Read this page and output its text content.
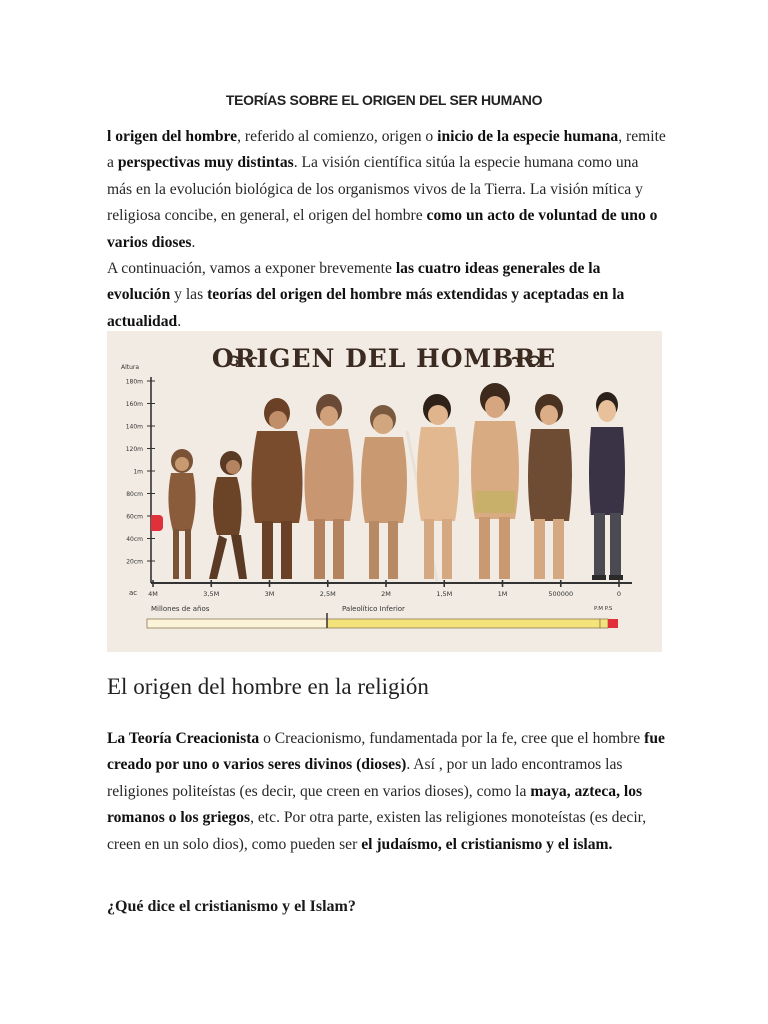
TEORÍAS SOBRE EL ORIGEN DEL SER HUMANO

l origen del hombre, referido al comienzo, origen o inicio de la especie humana, remite a perspectivas muy distintas. La visión científica sitúa la especie humana como una más en la evolución biológica de los organismos vivos de la Tierra. La visión mítica y religiosa concibe, en general, el origen del hombre como un acto de voluntad de uno o varios dioses.
A continuación, vamos a exponer brevemente las cuatro ideas generales de la evolución y las teorías del origen del hombre más extendidas y aceptadas en la actualidad.

ORIGEN DEL HOMBRE
Altura
180m
160m
140m
120m
1m
80cm
60cm
40cm
20cm
ac 4M	3,5M	3M	2,5M	2M	1,5M	1M	500000	0
Millones de años	Paleolítico Inferior	P.M P.S
El origen del hombre en la religión

La Teoría Creacionista o Creacionismo, fundamentada por la fe, cree que el hombre fue creado por uno o varios seres divinos (dioses). Así , por un lado encontramos las religiones politeístas (es decir, que creen en varios dioses), como la maya, azteca, los romanos o los griegos, etc. Por otra parte, existen las religiones monoteístas (es decir, creen en un solo dios), como pueden ser el judaísmo, el cristianismo y el islam.

¿Qué dice el cristianismo y el Islam?
